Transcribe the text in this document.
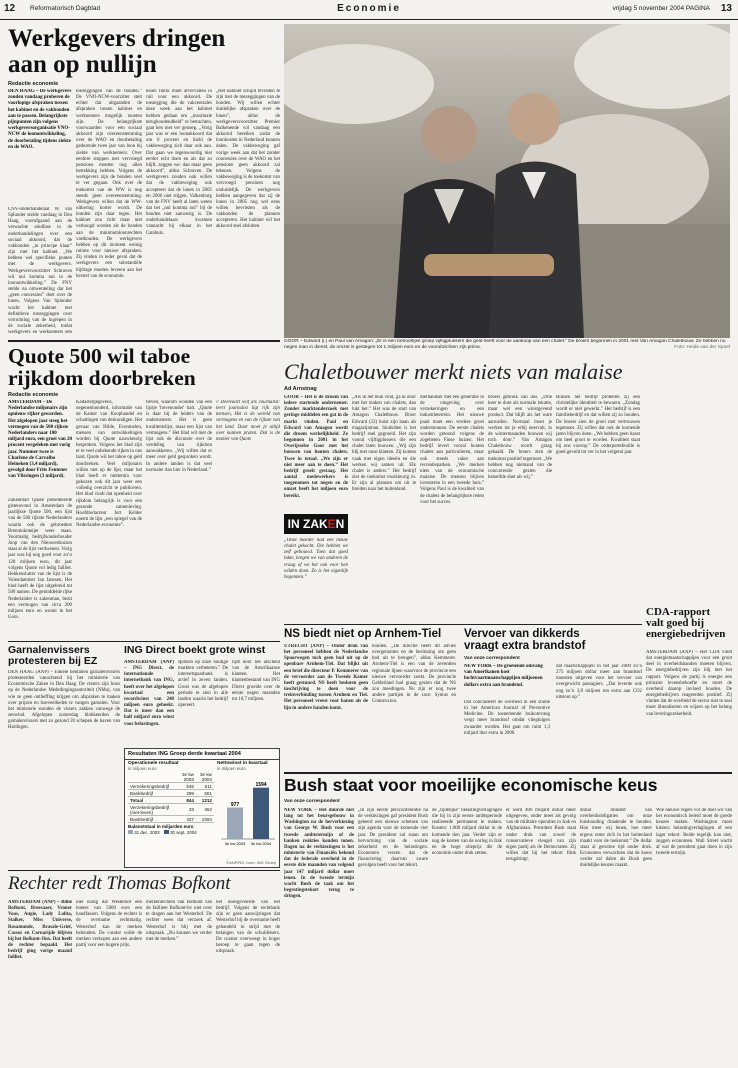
12 Reformatorisch Dagblad	Economie	vrijdag 5 november 2004 PAGINA 13
Werkgevers dringen
aan op nullijn
Redactie economie
DEN HAAG – De werkgevers zouden vandaag proberen de voorlopige afspraken tussen het kabinet en de vakbonden aan te passen. Belangrijkste pijnpunten zijn volgens werkgeversorganisatie VNO-NCW de loonontwikkeling, de doorbetaling tijdens ziekte en de WAO.
CNV-onderhandelaar W. van Splunder stelde vandaag in Den Haag, voorafgaand aan de verwachte eindfase in de onderhandelingen over een sociaal akkoord, dat de vakbonden „in principe klaar” zijn met het kabinet. „We hebben wel specifieke punten met de werkgevers. Werkgeversvoorzitter Schraven wil nul komma nul in de loonontwikkeling.” De FNV stelde na omwenteling dat het „geen concessies” doet over de lonen. Volgens Van Splunder wacht het kabinet met definitieve toezeggingen over verruiming van de ingrepen in de sociale zekerheid, totdat werkgevers en werknemers een
toezeggingen van de bonden.” De VNO-NCW-voorzitter stelt echter dat uitgaanden de afspraken tussen kabinet en werknemers mogelijk moeten zijn. De belangrijkste voorwaarden voor een sociaal akkoord zijn overeenstemming over de WAO en doorbetaling gedurende twee jaar van loon bij ziekte van werknemers. Over eerdere stoppen met vervroegd pensioen moeten nog allen betrekking hebben. Volgens de werkgevers zijn de bonden veel te ver gegaan. Ook over de toekomst van de WW is nog steeds geen overeenstemming. Werkgevers willen dat de WW-uitkering korter wordt. De bonden zijn daar tegen. Het kabinet zou richt maar niet verhoogd worden als de bonden aan de minimumloonrechten vasthouden. De werkgevers hebben op dit moment weinig ruimte voor nieuwe afspraken. Zij vinden in ieder geval dat de werkgevers een substantiële bijdrage moeten leveren aan het herstel van de economie.
essen fikrik moet afvervallen in ruil voor een akkoord. De toezegging die de vakcentrales deze week aan het kabinet hebben gedaan om „maximale terughoudendheid” te betrachten, gaat hen niet ver genoeg. „Vorig jaar was er een loonakkoord dat om 0 procent en hield de vakbeweging zich daar ook aan. Dat gaan we tegenwoordig niet eerder echt doen en als dat zo blijft, zeggen we: dan maar geen akkoord”, aldus Schraven. De werkgevers zouden ook willen dat de vakbeweging ook accepteert dat de lonen in 2005 en 2006 niet stijgen. Valkenburg van de FNV heeft al laten weten dat het „nul komma nul” bij de bonden niet aanwezig is. De onderhandelaars kwamen vannacht bij elkaar in het Catshuis.
„Het kabinet schijnt tevreden te zijn met de toezeggingen van de bonden. Wij willen echter duidelijke afspraken over de lonen”, aldus de werkgeversvoorzitter. Premier Balkenende wil vandaag een akkoord bereiken zodat de loonkosten in Nederland kunnen dalen. De vakbeweging gaf vorige week aan dat het zonder concessies over de WAO en het pensioen geen akkoord zal tekenen. Volgens de vakbeweging is de toekomst van vervroegd pensioen nog onduidelijk. De werkgevers hebben aangegeven dat zij de lonen in 2005 nog wel eens willen bevriezen als de vakbonden de plannen accepteren. Het kabinet wil het akkoord snel afsluiten.
GOOR – Edward (l.) en Paul van Amagon: „Er is een behoorlijke groep vijftigplussers die geld heeft voor de aankoop van een chalet.” De broers begonnen in 2001 met Van Amagon Chaletbouw. Ze hebben nu negen man in dienst, de omzet is gestegen tot 1 miljoen euro en de vooruitzichten zijn prima.	Foto: Heide van der Spoel
Quote 500 wil taboe
rijkdom doorbreken
Redactie economie
AMSTERDAM – De Nederlandse miljonairs zijn opnieuw rijker geworden. Het afgelopen jaar steeg het vermogen van de 500 rijkste Nederlanders naar 100 miljard euro, een groei van 20 procent vergeleken met vorig jaar. Nummer twee is Charlene de Carvalho Heineken (3,4 miljard), gevolgd door Frits Fentener van Vlissingen (3 miljard).
Zakenblad Quote presenteerde gisteravond in Amsterdam de jaarlijkse Quote 500, een lijst van de 500 rijkste Nederlanders waarin ook de gebroeders Brenninkmeijer weer staan. Voormalig bedrijfsonderhouder Joop van den Nieuwenhuizen staat al de lijst verdwenen. Vorig jaar was hij nog goed voor zo’n 120 miljoen euro, dit jaar volgens Quote vol ledig failliet. Hekkensluiter van de lijst is de Volendammer Jan Janssen. Het blad heeft de lijst uitgebreid tot 500 namen. De gemiddelde rijke Nederlander is zakenman, bezit een vermogen van circa 200 miljoen euro en woont in het Gooi.
Kadastergegevens, negenenhonderd, informatie van de Kamer van Koophandel en schattingen van deskundigen. Het gevaar van Hilde, Eventuelen, mensen van ontwikkelingen worden bij Quote nauwkeurig besproken. Volgens het blad zijn er te veel onbekende rijken in ons land. Quote wil het taboe op geld doorbreken. Veel miljonairs willen niet op de lijst, maar het blad heeft er niettemin voor gekozen ook dit jaar weer een volledig overzicht te publiceren. Het blad vindt dat openheid over rijkdom belangrijk is voor een gezonde samenleving. Hoofdredacteur Jort Kelder noemt de lijst „een spiegel van de Nederlandse economie”.
tieved, waarom wouden van een lijstje 'bovenonder' halt. „Quote is daar bij de leiders van de ondernemers. Het is geen kwaliteitslijst, maar een lijst van vermogens.” Het blad wil met de lijst ook de discussie over de verdeling van rijkdom aanwakkeren. „Wij willen dat er meer over geld gesproken wordt. In andere landen is dat veel normaler dan hier in Nederland.”
// Deelvaart wiif als Journalist: leert journalist ligt rijk zijn mensen, Het is de wereld van vermogens en van de rijkste van het land. Daar moet je altijd over kunnen praten. Dat is de manier van Quote
Chaletbouwer merkt niets van malaise
Ad Arnstnag
GOOR – Het is de droom van iedere startende ondernemer. Zonder marktonderzoek met geringe middelen een gat in de markt vinden. Paul en Edward van Amagon wordt die droom werkelijkheid. Ze begonnen in 2001 in het Overijsselse Goor met het bouwen van houten chalets. Twee in totaal. „We zijn er niet meer aan te doen.” Het bedrijf groeit gestaag. Het aantal medewerkers is toegenomen tot negen en de omzet heeft het miljoen euro bereikt.
IN ZAKEN
„Onze moeder had een nieuw chalet gekocht. Die hebben we zelf gebouwd. Toen dat goed lukte, kregen we van anderen de vraag of we het ook voor hen wilden doen. Zo is het eigenlijk begonnen.”
„Als ik het leuk vind, ga ik door met het maken van chalets, dan lukt het.” Het was de start van Amagon Chaletbouw. Broer Edward (22) huist zijn baan als magazijnman. Sindsdien is het bedrijf snel gegroeid. Het zijn vooral vijftigplussers die een chalet laten bouwen. „Wij zijn blij met onze klanten. Zij komen vaak met eigen ideeën en die werken wij samen uit. Elk chalet is anders.” Het bedrijf ziet de toekomst rooskleurig in. Er zijn al plannen om uit te breiden naar het buitenland.
dierhandsel met een generatie in de omgeving over verzekeringen en een industrieterrein. Het nieuwe pand moet een verdere groei ondersteunen. De eerste chalets worden getoond volgens de zogeheten Finse huizen. Het bedrijf levert vooral houten chalets aan particulieren, maar ook steeds vaker aan recreatieparken. „We merken niets van de economische malaise. De mensen blijven investeren in een tweede huis.” Volgens Paul is de kwaliteit van de chalets de belangrijkste reden voor het succes.
broers gebruik van dus. „Drie keer te dure als normale lokatie, maar wel een winstgevend product. Dat blijft als het ware aanvallen. Normaal moet je werken tot je erbij neervalt, in de wintermaanden bouwen wij toch door.” Van Amagon Chaletbouw wordt graag gehaald. De broers zien de toekomst positief tegemoet. „We hebben nog niemand van de concurrentie gezien die hetzelfde doet als wij.”
Binnen het bedrijf proberen zij een christelijke identiteit te bewaren. „Zondag wordt er niet gewerkt.” Het bedrijf is een familiebedrijf en dat willen zij zo houden. De broers zien de groei met vertrouwen tegemoet. Zij willen dat ook de komende jaren blijven doen. „We hebben geen haast om heel groot te worden. Kwaliteit staat bij ons voorop.” De orderportefeuille is goed gevuld tot ver in het volgend jaar.
CDA-rapport
valt goed bij
energiebedrijven
AMSTERDAM (ANP) – Het CDA vindt dat energiemaatschappijen voor een groot deel in overheidshanden moeten blijven. De energiebedrijven zijn blij met het rapport. Volgens de partij is energie een primaire levensbehoefte en moet de overheid daarop invloed houden. De energiebedrijven reageerden positief. Zij vinden dat de overheid de sector niet te snel moet liberaliseren en wijzen op het belang van leveringszekerheid.
NS biedt niet op Arnhem-Tiel
UTRECHT (ANP) – Onder druk van het personeel hebben de Nederlandse Spoorwegen toch geen bod uit op de openbare Arnhem-Tiel. Dat blijkt uit een brief die directeur P. Kemmerer van de vervoerder aan de Tweede Kamer heeft gestuurd. NS heeft besloten geen inschrijving te doen voor de treinverbinding tussen Arnhem en Tiel. Het personeel vreest voor banen als de lijn in andere handen komt.
houden. „De directie heeft dit advies overgenomen en de beslissing om geen bod uit te brengen”, aldus Kemmerer. Arnhem-Tiel is een van de zeventien regionale lijnen waarvoor de provincie een nieuwe vervoerder zoekt. De provincie Gelderland had graag gezien dat de NS zou meedingen. Nu zijn er nog twee andere partijen in de race: Syntus en Connexxion.
Vervoer van dikkerds
vraagt extra brandstof
Van onze correspondent
NEW YORK – De groeiende omvang van Amerikanen kost luchtvaartmaatschappijen miljoenen dollars extra aan brandstof.
Dat concludeert de overheid in een studie in het American Journal of Preventive Medicine. De toenemende buikomvang vergt meer brandstof omdat vliegtuigen zwaarder worden. Het gaat om ruim 1,3 miljard liter extra in 2000.
dat maatschappijen in het jaar 2000 zo’n 275 miljoen dollar meer aan brandstof moesten uitgeven voor het vervoer van overgewicht passagiers. „Dat leverde ook nog zo’n 3,8 miljoen ton extra aan CO2 uitstoot op.”
Garnalenvissers
protesteren bij EZ
DEN HAAG (ANP) – Enkele tientallen garnalenvissers protesteerden vanochtend bij het ministerie van Economische Zaken in Den Haag. De vissers zijn boos op de Nederlandse Mededingingsautoriteit (NMa), van wie ze geen ontheffing krijgen om afspraken te maken over prijzen en hoeveelheden te vangen garnalen. Voor het ministerie stonden de vissers zakken vanwege de zeewind. Afgelopen zomerdag blokkeerden de garnalenvissers met zo gezond 20 schepen de haven van Harlingen.
ING Direct boekt grote winst
AMSTERDAM (ANP) – ING Direct, de internationale internetbank van ING, heeft over het afgelopen kwartaal een recordwinst van 240 miljoen euro geboekt. Dat is meer dan een half miljard euro winst voor belastingen.
splitsen op onze huidige markten verbeteren.” De internetspaarbank is actief in zeven landen. Groei was de afgelopen periode te zien in alle landen waarin het bedrijf opereert.
lijdt door het afscheid van de Amerikaanse klanten. Het klantenbestand van ING Direct groeide over de eerste negen maanden tot 10,7 miljoen.
Resultaten ING Groep derde kwartaal 2004
Operationele resultaat
in miljoen euro
	3e kw 2003	3e kw 2004
Verzekeringsbedrijf	545	611
Bankbedrijf	299	601
Totaal	844	1212
Verzekeringsbedrijf (niet-leven)	33	362
Bankbedrijf	427	1594
Balanstotaal in miljarden euro
31 dec. 2003 30 sept. 2004
Nettowinst in kwartaal
in miljoen euro
977
3e kw 2003
1594
3e kw 2004
©ANP/RD, bron: ING Groep
Bush staat voor moeilijke economische keus
Van onze correspondent
NEW YORK – Het duurde niet lang tot het beursgebouw in Washington na de herverkiezing van George W. Bush voor een tweede ambtstermijn of de banken reakties konden tonen. Dagen na de verkiezingen is het ministerie van Financiën bekend dat de federale overheid in de eerste drie maanden van volgend jaar 147 miljard dollar moet lenen. In de tweede termijn wacht Bush de taak om het begrotingstekort terug te dringen.
„In zijn eerste persconferentie na de verkiezingen gaf president Bush geleerd een nieuwe schetsen van zijn agenda voor de komende vier jaar. De president zal staan om hervorming van de sociale zekerheid en de belastingen. Economen vrezen dat de financiering daarvan zware gevolgen heeft voor het tekort.
de „tijdelijke” belastingverlagingen die hij in zijn eerste ambtsperiode realiseerde permanent te maken. Kosten: 1.000 miljard dollar in de komende tien jaar. Verder zijn er nog de kosten van de oorlog in Irak en de hoge olieprijs die de economie onder druk zetten.
er werd 400 miljard dollar meer uitgegeven, onder meer als gevolg van de militaire operaties in Irak en Afghanistan. President Bush staat onder druk van zowel de conservatieve vleugel van zijn eigen partij als de Democraten. Zij willen dat hij het tekort flink terugdringt.
dollar mindert van overheidsobligaties om onze huishouding draaiende te houden. Hoe meer wij lenen, hoe meer ergens rente zich in het buitenland maakt voor de toekomst.” De dollar staat al geruime tijd onder druk. Economen verwachten dat de koers verder zal dalen als Bush geen duidelijke keuzes maakt.
Wie nieuwe regels vol de doel wil van het economisch beleid moet de goede keuzes maken. Washington moet kiezen: belastingverlagingen of een lager tekort. Beide tegelijk kan niet, zeggen economen. Wall Street wacht af wat de president gaat doen in zijn tweede termijn.
Rechter redt Thomas Bofkont
AMSTERDAM (ANP) – Billie Bofkont, Breesaaer, Vroner Voas, Augie, Lady Lolita, Stalker, Miss Universe, Rosamunde, Brasale-Grief, Cassez en Cornarijde blijven bij het Bofkont-Jinx. Dat heeft de rechter bepaald. Het bedrijf ging vorige maand failliet.
niet nodig dat Westerhof een boetes van 5000 euro een handfassen. Volgens de rechter is de overname rechtmatig. Westerhof kan de merken behouden. De curator wilde de merken verkopen aan een andere partij voor een hogere prijs.
merkenrechten van Bofkont van de failliete Bofkont-bv niet over te dragen aan het Westerhof. De rechter wees dat verzoek af. Westerhof is blij met de uitspraak. „Nu kunnen we verder met de merken.”
het doorgevoerde van het bedrijf. Volgens de rechtbank zijn er geen aanwijzingen dat Westerhof bij de overname heeft gehandeld in strijd met de belangen van de schuldeisers. De curator overweegt in hoger beroep te gaan tegen de uitspraak.
